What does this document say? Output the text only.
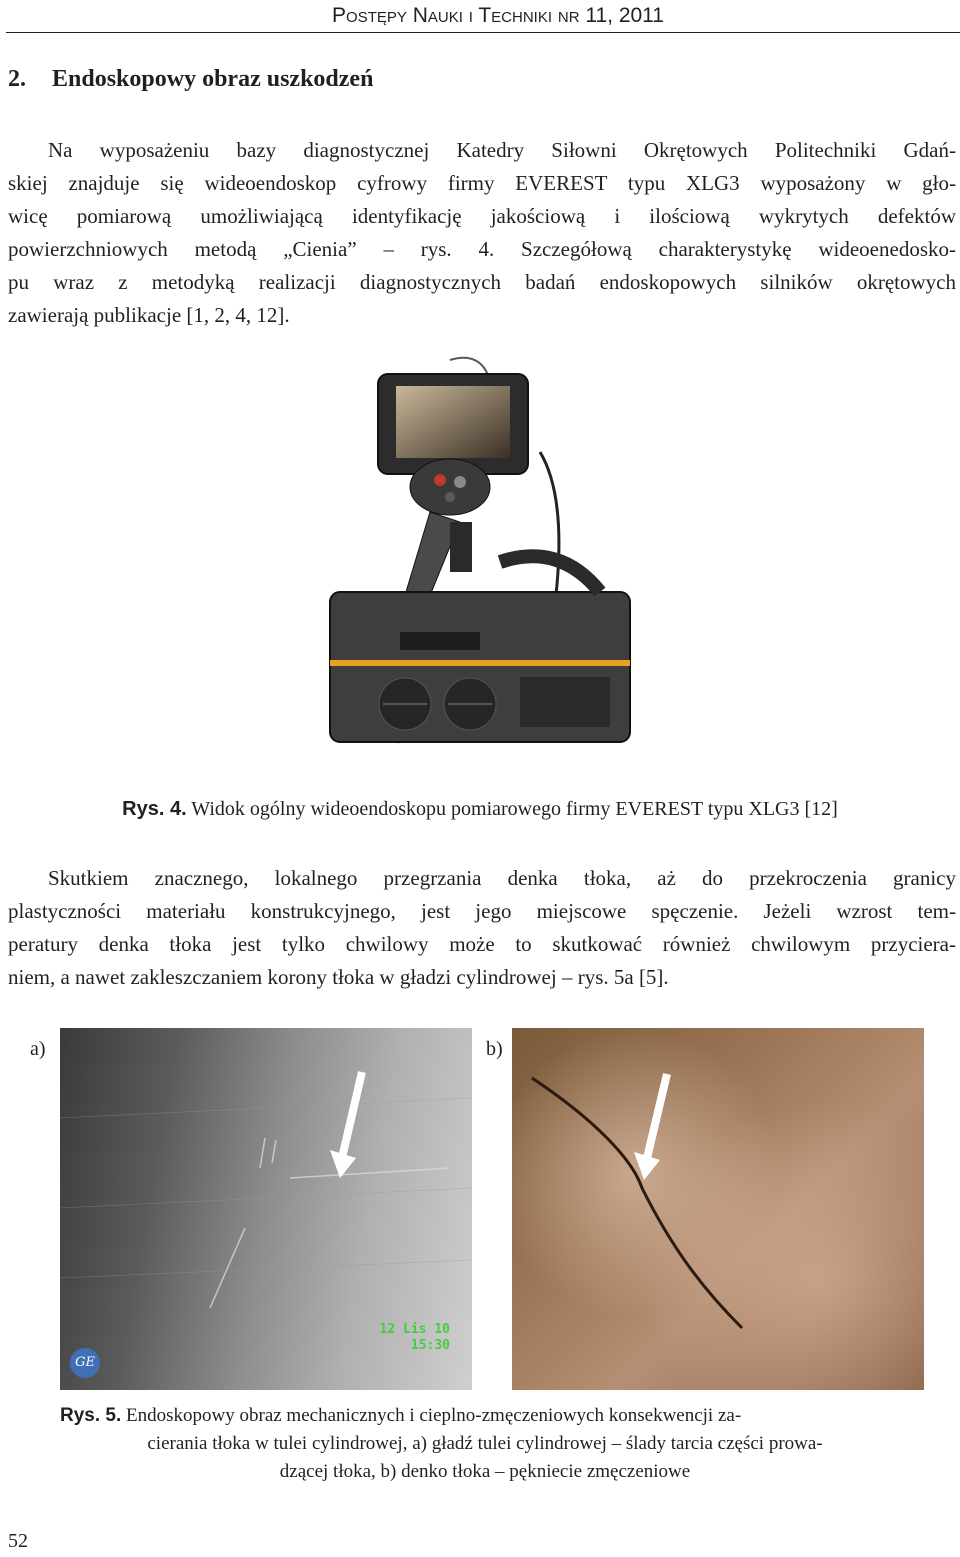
Postępy Nauki i Techniki nr 11, 2011
2. Endoskopowy obraz uszkodzeń

Na wyposażeniu bazy diagnostycznej Katedry Siłowni Okrętowych Politechniki Gdań-
skiej znajduje się wideoendoskop cyfrowy firmy EVEREST typu XLG3 wyposażony w gło-
wicę pomiarową umożliwiającą identyfikację jakościową i ilościową wykrytych defektów
powierzchniowych metodą „Cienia” – rys. 4. Szczegółową charakterystykę wideoenedosko-
pu wraz z metodyką realizacji diagnostycznych badań endoskopowych silników okrętowych
zawierają publikacje [1, 2, 4, 12].

Rys. 4. Widok ogólny wideoendoskopu pomiarowego firmy EVEREST typu XLG3 [12]

Skutkiem znacznego, lokalnego przegrzania denka tłoka, aż do przekroczenia granicy
plastyczności materiału konstrukcyjnego, jest jego miejscowe spęczenie. Jeżeli wzrost tem-
peratury denka tłoka jest tylko chwilowy może to skutkować również chwilowym przyciera-
niem, a nawet zakleszczaniem korony tłoka w gładzi cylindrowej – rys. 5a [5].

a)
12 Lis 10
15:30
GE
b)
Rys. 5. Endoskopowy obraz mechanicznych i cieplno-zmęczeniowych konsekwencji za-
cierania tłoka w tulei cylindrowej, a) gładź tulei cylindrowej – ślady tarcia części prowa-
dzącej tłoka, b) denko tłoka – pękniecie zmęczeniowe
52
